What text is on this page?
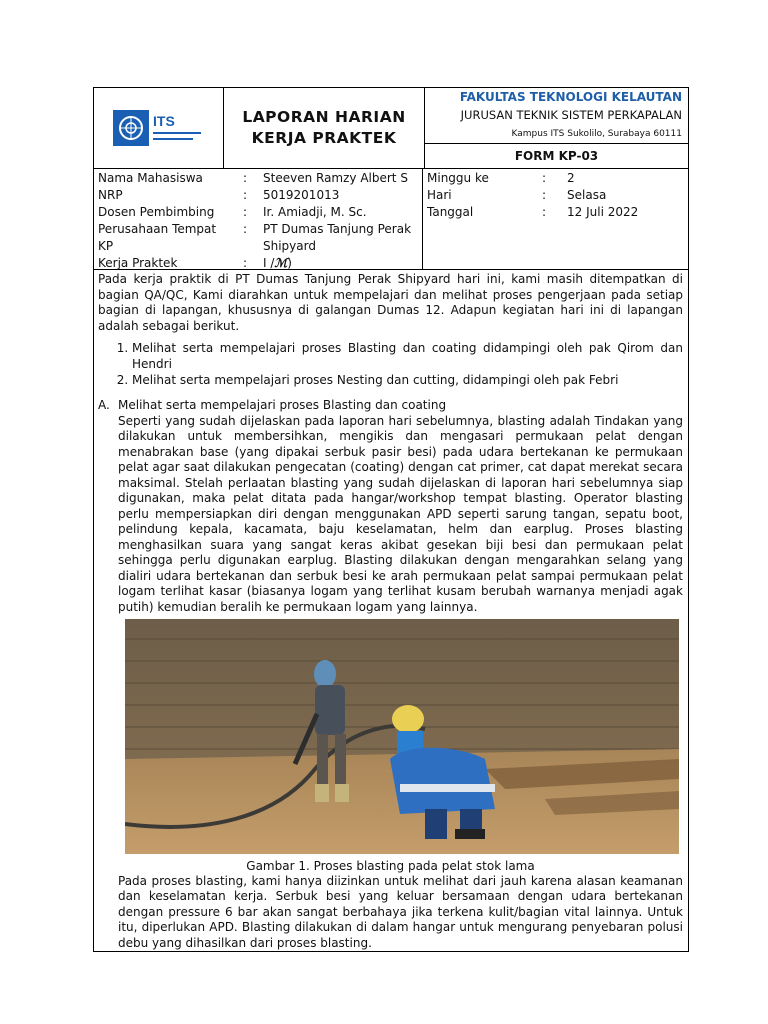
ITS	LAPORAN HARIAN
KERJA PRAKTEK
FAKULTAS TEKNOLOGI KELAUTAN
JURUSAN TEKNIK SISTEM PERKAPALAN
Kampus ITS Sukolilo, Surabaya 60111
FORM KP-03
Nama Mahasiswa	:	Steeven Ramzy Albert S
NRP	:	5019201013
Dosen Pembimbing	:	Ir. Amiadji, M. Sc.
Perusahaan Tempat	:	PT Dumas Tanjung Perak
KP	Shipyard
Kerja Praktek	:	I /ℳ)
Minggu ke	:	2
Hari	:	Selasa
Tanggal	:	12 Juli 2022

Pada kerja praktik di PT Dumas Tanjung Perak Shipyard hari ini, kami masih ditempatkan di bagian QA/QC, Kami diarahkan untuk mempelajari dan melihat proses pengerjaan pada setiap bagian di lapangan, khususnya di galangan Dumas 12. Adapun kegiatan hari ini di lapangan adalah sebagai berikut.

1. Melihat serta mempelajari proses Blasting dan coating didampingi oleh pak Qirom dan Hendri
2. Melihat serta mempelajari proses Nesting dan cutting, didampingi oleh pak Febri
A. Melihat serta mempelajari proses Blasting dan coating

Seperti yang sudah dijelaskan pada laporan hari sebelumnya, blasting adalah Tindakan yang dilakukan untuk membersihkan, mengikis dan mengasari permukaan pelat dengan menabrakan base (yang dipakai serbuk pasir besi) pada udara bertekanan ke permukaan pelat agar saat dilakukan pengecatan (coating) dengan cat primer, cat dapat merekat secara maksimal. Stelah perlaatan blasting yang sudah dijelaskan di laporan hari sebelumnya siap digunakan, maka pelat ditata pada hangar/workshop tempat blasting. Operator blasting perlu mempersiapkan diri dengan menggunakan APD seperti sarung tangan, sepatu boot, pelindung kepala, kacamata, baju keselamatan, helm dan earplug. Proses blasting menghasilkan suara yang sangat keras akibat gesekan biji besi dan permukaan pelat sehingga perlu digunakan earplug. Blasting dilakukan dengan mengarahkan selang yang dialiri udara bertekanan dan serbuk besi ke arah permukaan pelat sampai permukaan pelat logam terlihat kasar (biasanya logam yang terlihat kusam berubah warnanya menjadi agak putih) kemudian beralih ke permukaan logam yang lainnya.

Gambar 1. Proses blasting pada pelat stok lama

Pada proses blasting, kami hanya diizinkan untuk melihat dari jauh karena alasan keamanan dan keselamatan kerja. Serbuk besi yang keluar bersamaan dengan udara bertekanan dengan pressure 6 bar akan sangat berbahaya jika terkena kulit/bagian vital lainnya. Untuk itu, diperlukan APD. Blasting dilakukan di dalam hangar untuk mengurang penyebaran polusi debu yang dihasilkan dari proses blasting.
